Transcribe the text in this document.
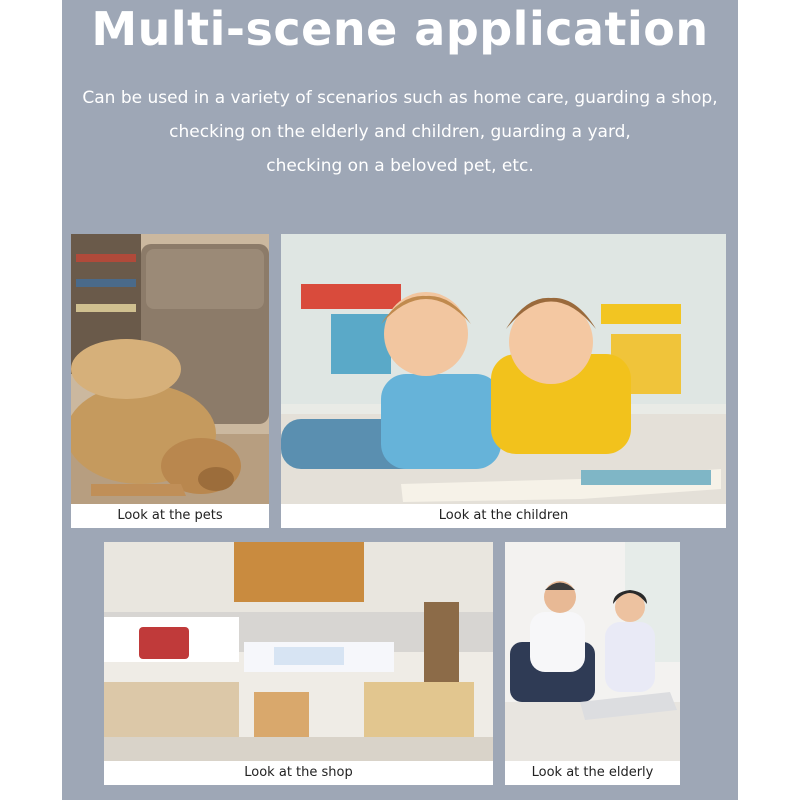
Multi-scene application
Can be used in a variety of scenarios such as home care, guarding a shop,
checking on the elderly and children, guarding a yard,
checking on a beloved pet, etc.
Look at the pets	Look at the children
Look at the shop	Look at the elderly
